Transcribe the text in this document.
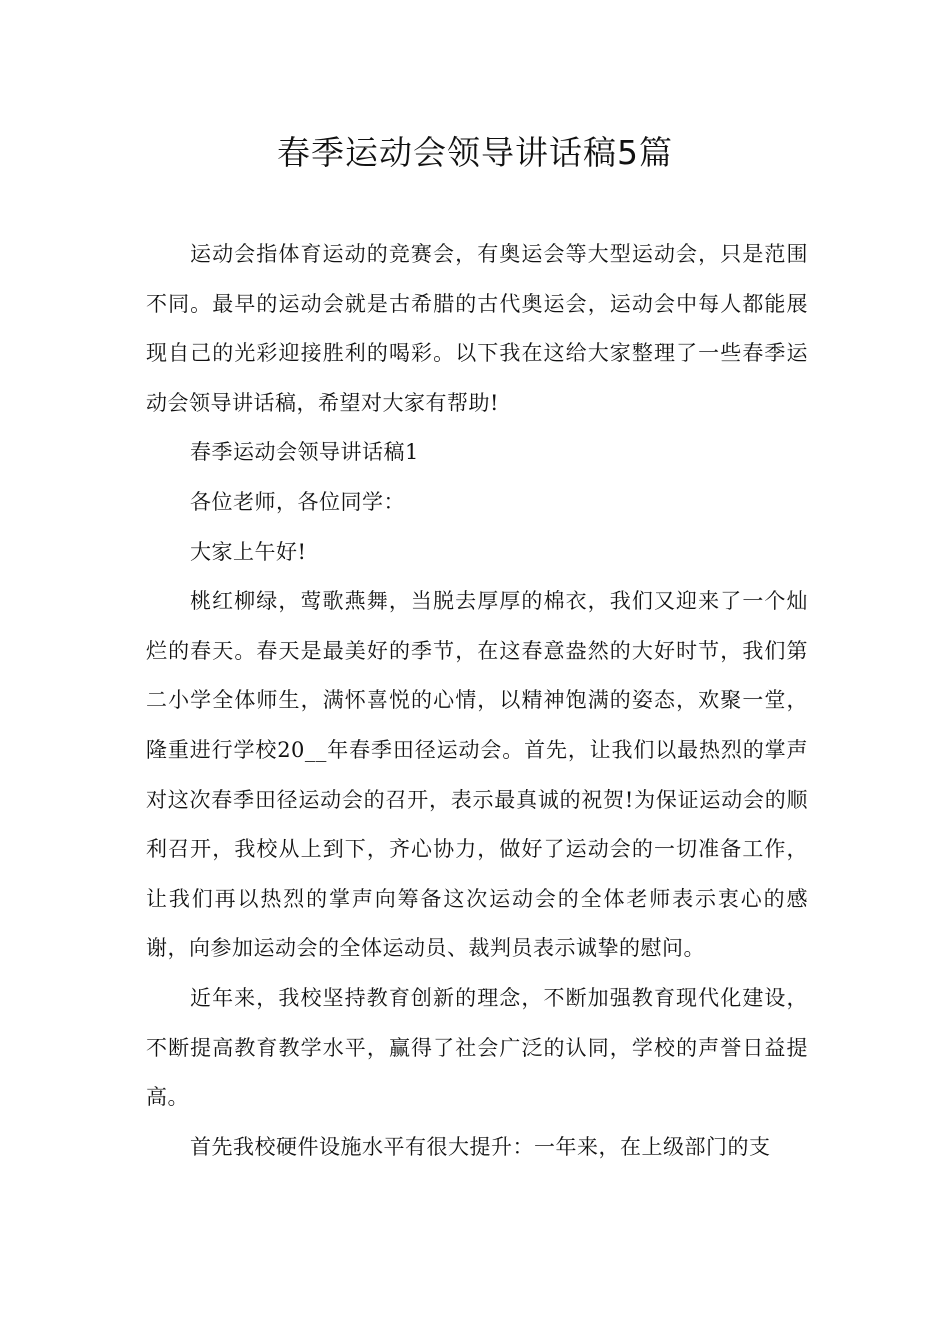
春季运动会领导讲话稿5篇

运动会指体育运动的竞赛会，有奥运会等大型运动会，只是范围不同。最早的运动会就是古希腊的古代奥运会，运动会中每人都能展现自己的光彩迎接胜利的喝彩。以下我在这给大家整理了一些春季运动会领导讲话稿，希望对大家有帮助!

春季运动会领导讲话稿1

各位老师，各位同学：

大家上午好!

桃红柳绿，莺歌燕舞，当脱去厚厚的棉衣，我们又迎来了一个灿烂的春天。春天是最美好的季节，在这春意盎然的大好时节，我们第二小学全体师生，满怀喜悦的心情，以精神饱满的姿态，欢聚一堂，隆重进行学校20__年春季田径运动会。首先，让我们以最热烈的掌声对这次春季田径运动会的召开，表示最真诚的祝贺!为保证运动会的顺利召开，我校从上到下，齐心协力，做好了运动会的一切准备工作，让我们再以热烈的掌声向筹备这次运动会的全体老师表示衷心的感谢，向参加运动会的全体运动员、裁判员表示诚挚的慰问。

近年来，我校坚持教育创新的理念，不断加强教育现代化建设，不断提高教育教学水平，赢得了社会广泛的认同，学校的声誉日益提高。

首先我校硬件设施水平有很大提升：一年来，在上级部门的支
